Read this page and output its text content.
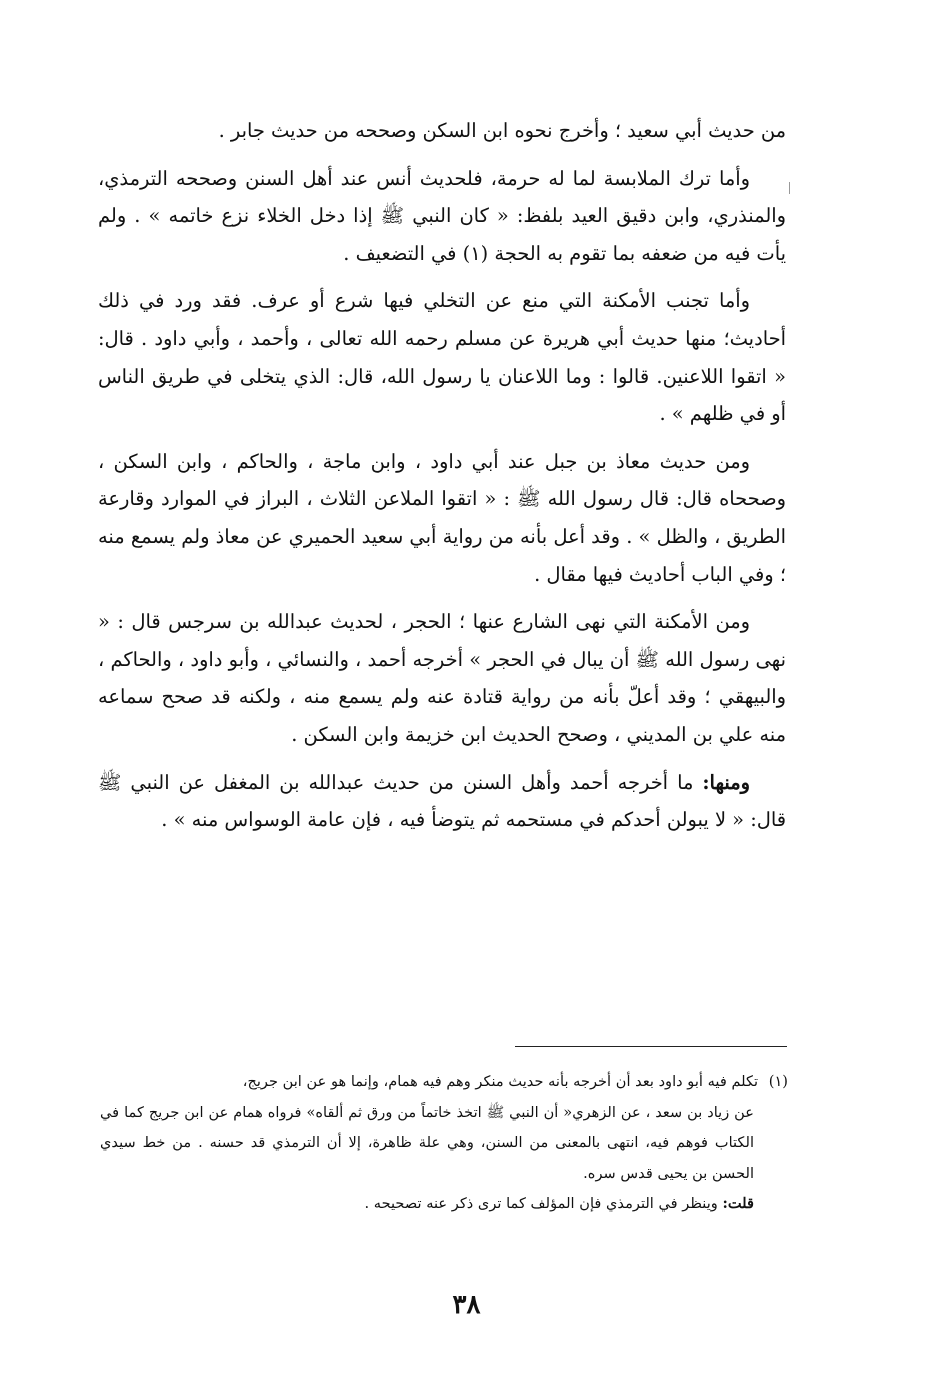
من حديث أبي سعيد ؛ وأخرج نحوه ابن السكن وصححه من حديث جابر .

وأما ترك الملابسة لما له حرمة، فلحديث أنس عند أهل السنن وصححه الترمذي، والمنذري، وابن دقيق العيد بلفظ: « كان النبي ﷺ إذا دخل الخلاء نزع خاتمه » . ولم يأت فيه من ضعفه بما تقوم به الحجة (١) في التضعيف .

وأما تجنب الأمكنة التي منع عن التخلي فيها شرع أو عرف. فقد ورد في ذلك أحاديث؛ منها حديث أبي هريرة عن مسلم رحمه الله تعالى ، وأحمد ، وأبي داود . قال: « اتقوا اللاعنين. قالوا : وما اللاعنان يا رسول الله، قال: الذي يتخلى في طريق الناس أو في ظلهم » .

ومن حديث معاذ بن جبل عند أبي داود ، وابن ماجة ، والحاكم ، وابن السكن ، وصححاه قال: قال رسول الله ﷺ : « اتقوا الملاعن الثلاث ، البراز في الموارد وقارعة الطريق ، والظل » . وقد أعل بأنه من رواية أبي سعيد الحميري عن معاذ ولم يسمع منه ؛ وفي الباب أحاديث فيها مقال .

ومن الأمكنة التي نهى الشارع عنها ؛ الحجر ، لحديث عبدالله بن سرجس قال : « نهى رسول الله ﷺ أن يبال في الحجر » أخرجه أحمد ، والنسائي ، وأبو داود ، والحاكم ، والبيهقي ؛ وقد أعلّ بأنه من رواية قتادة عنه ولم يسمع منه ، ولكنه قد صحح سماعه منه علي بن المديني ، وصحح الحديث ابن خزيمة وابن السكن .

ومنها: ما أخرجه أحمد وأهل السنن من حديث عبدالله بن المغفل عن النبي ﷺ قال: « لا يبولن أحدكم في مستحمه ثم يتوضأ فيه ، فإن عامة الوسواس منه » .

(١) تكلم فيه أبو داود بعد أن أخرجه بأنه حديث منكر وهم فيه همام، وإنما هو عن ابن جريج،

عن زياد بن سعد ، عن الزهري« أن النبي ﷺ اتخذ خاتماً من ورق ثم ألقاه» فرواه همام عن ابن جريج كما في الكتاب فوهم فيه، انتهى بالمعنى من السنن، وهي علة ظاهرة، إلا أن الترمذي قد حسنه . من خط سيدي الحسن بن يحيى قدس سره.

قلت: وينظر في الترمذي فإن المؤلف كما ترى ذكر عنه تصحيحه .

٣٨
